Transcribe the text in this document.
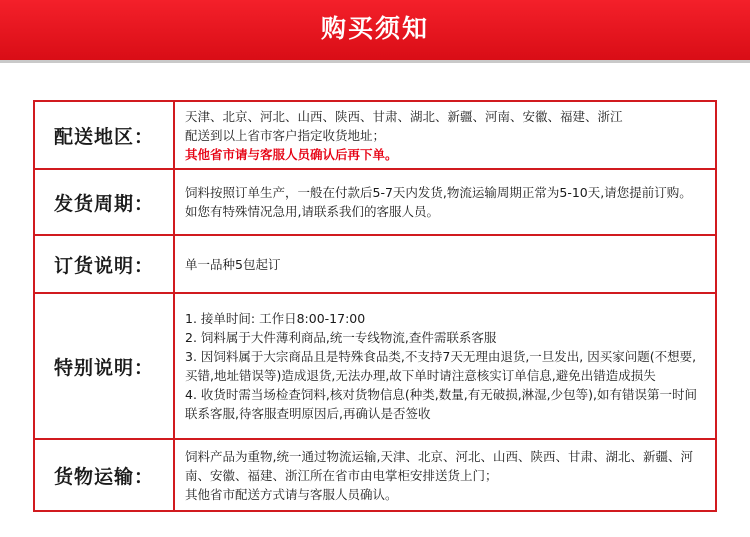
购买须知
配送地区：

天津、北京、河北、山西、陕西、甘肃、湖北、新疆、河南、安徽、福建、浙江

配送到以上省市客户指定收货地址；

其他省市请与客服人员确认后再下单。

发货周期：	饲料按照订单生产，一般在付款后5-7天内发货,物流运输周期正常为5-10天,请您提前订购。

如您有特殊情况急用,请联系我们的客服人员。

订货说明：	单一品种5包起订

特别说明：

1. 接单时间: 工作日8:00-17:00

2. 饲料属于大件薄利商品,统一专线物流,查件需联系客服

3. 因饲料属于大宗商品且是特殊食品类,不支持7天无理由退货,一旦发出, 因买家问题(不想要,买错,地址错误等)造成退货,无法办理,故下单时请注意核实订单信息,避免出错造成损失

4. 收货时需当场检查饲料,核对货物信息(种类,数量,有无破损,淋湿,少包等),如有错误第一时间联系客服,待客服查明原因后,再确认是否签收

货物运输：

饲料产品为重物,统一通过物流运输,天津、北京、河北、山西、陕西、甘肃、湖北、新疆、河南、安徽、福建、浙江所在省市由电掌柜安排送货上门；

其他省市配送方式请与客服人员确认。
